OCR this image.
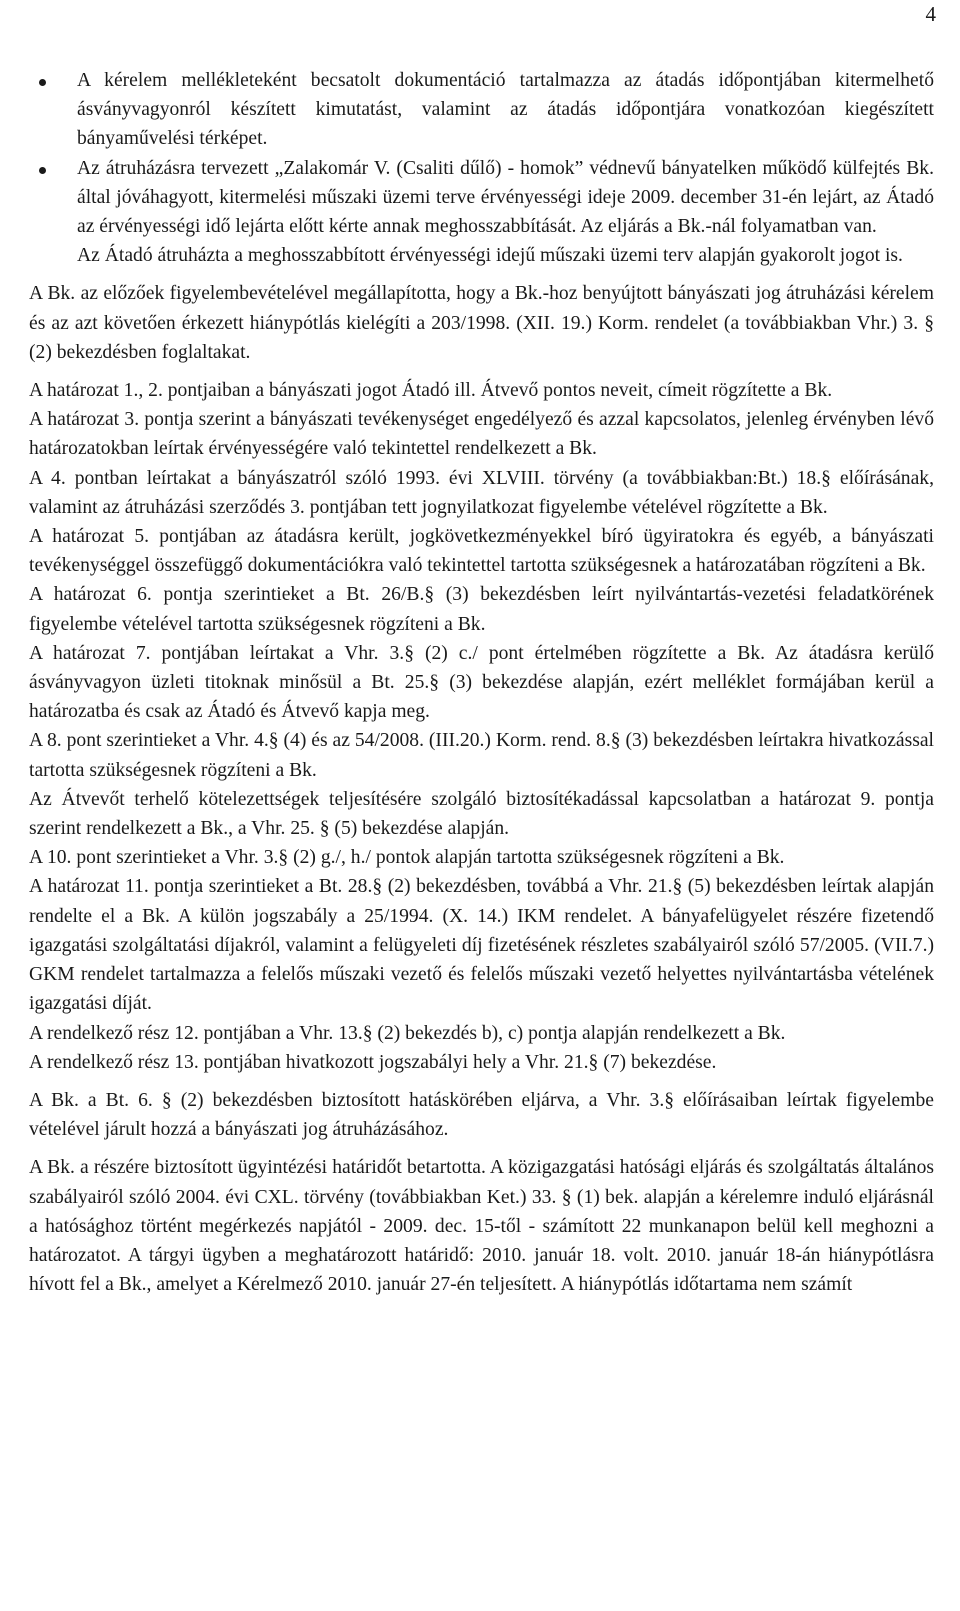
4

A kérelem mellékleteként becsatolt dokumentáció tartalmazza az átadás időpontjában kitermelhető ásványvagyonról készített kimutatást, valamint az átadás időpontjára vonatkozóan kiegészített bányaművelési térképet.

Az átruházásra tervezett „Zalakomár V. (Csaliti dűlő) - homok” védnevű bányatelken működő külfejtés Bk. által jóváhagyott, kitermelési műszaki üzemi terve érvényességi ideje 2009. december 31-én lejárt, az Átadó az érvényességi idő lejárta előtt kérte annak meghosszabbítását. Az eljárás a Bk.-nál folyamatban van.

Az Átadó átruházta a meghosszabbított érvényességi idejű műszaki üzemi terv alapján gyakorolt jogot is.

A Bk. az előzőek figyelembevételével megállapította, hogy a Bk.-hoz benyújtott bányászati jog átruházási kérelem és az azt követően érkezett hiánypótlás kielégíti a 203/1998. (XII. 19.) Korm. rendelet (a továbbiakban Vhr.) 3. § (2) bekezdésben foglaltakat.

A határozat 1., 2. pontjaiban a bányászati jogot Átadó ill. Átvevő pontos neveit, címeit rögzítette a Bk.

A határozat 3. pontja szerint a bányászati tevékenységet engedélyező és azzal kapcsolatos, jelenleg érvényben lévő határozatokban leírtak érvényességére való tekintettel rendelkezett a Bk.

A 4. pontban leírtakat a bányászatról szóló 1993. évi XLVIII. törvény (a továbbiakban:Bt.) 18.§ előírásának, valamint az átruházási szerződés 3. pontjában tett jognyilatkozat figyelembe vételével rögzítette a Bk.

A határozat 5. pontjában az átadásra került, jogkövetkezményekkel bíró ügyiratokra és egyéb, a bányászati tevékenységgel összefüggő dokumentációkra való tekintettel tartotta szükségesnek a határozatában rögzíteni a Bk.

A határozat 6. pontja szerintieket a Bt. 26/B.§ (3) bekezdésben leírt nyilvántartás-vezetési feladatkörének figyelembe vételével tartotta szükségesnek rögzíteni a Bk.

A határozat 7. pontjában leírtakat a Vhr. 3.§ (2) c./ pont értelmében rögzítette a Bk. Az átadásra kerülő ásványvagyon üzleti titoknak minősül a Bt. 25.§ (3) bekezdése alapján, ezért melléklet formájában kerül a határozatba és csak az Átadó és Átvevő kapja meg.

A 8. pont szerintieket a Vhr. 4.§ (4) és az 54/2008. (III.20.) Korm. rend. 8.§ (3) bekezdésben leírtakra hivatkozással tartotta szükségesnek rögzíteni a Bk.

Az Átvevőt terhelő kötelezettségek teljesítésére szolgáló biztosítékadással kapcsolatban a határozat 9. pontja szerint rendelkezett a Bk., a Vhr. 25. § (5) bekezdése alapján.

A 10. pont szerintieket a Vhr. 3.§ (2) g./, h./ pontok alapján tartotta szükségesnek rögzíteni a Bk.

A határozat 11. pontja szerintieket a Bt. 28.§ (2) bekezdésben, továbbá a Vhr. 21.§ (5) bekezdésben leírtak alapján rendelte el a Bk. A külön jogszabály a 25/1994. (X. 14.) IKM rendelet. A bányafelügyelet részére fizetendő igazgatási szolgáltatási díjakról, valamint a felügyeleti díj fizetésének részletes szabályairól szóló 57/2005. (VII.7.) GKM rendelet tartalmazza a felelős műszaki vezető és felelős műszaki vezető helyettes nyilvántartásba vételének igazgatási díját.

A rendelkező rész 12. pontjában a Vhr. 13.§ (2) bekezdés b), c) pontja alapján rendelkezett a Bk.

A rendelkező rész 13. pontjában hivatkozott jogszabályi hely a Vhr. 21.§ (7) bekezdése.

A Bk. a Bt. 6. § (2) bekezdésben biztosított hatáskörében eljárva, a Vhr. 3.§ előírásaiban leírtak figyelembe vételével járult hozzá a bányászati jog átruházásához.

A Bk. a részére biztosított ügyintézési határidőt betartotta. A közigazgatási hatósági eljárás és szolgáltatás általános szabályairól szóló 2004. évi CXL. törvény (továbbiakban Ket.) 33. § (1) bek. alapján a kérelemre induló eljárásnál a hatósághoz történt megérkezés napjától - 2009. dec. 15-től - számított 22 munkanapon belül kell meghozni a határozatot. A tárgyi ügyben a meghatározott határidő: 2010. január 18. volt. 2010. január 18-án hiánypótlásra hívott fel a Bk., amelyet a Kérelmező 2010. január 27-én teljesített. A hiánypótlás időtartama nem számít
